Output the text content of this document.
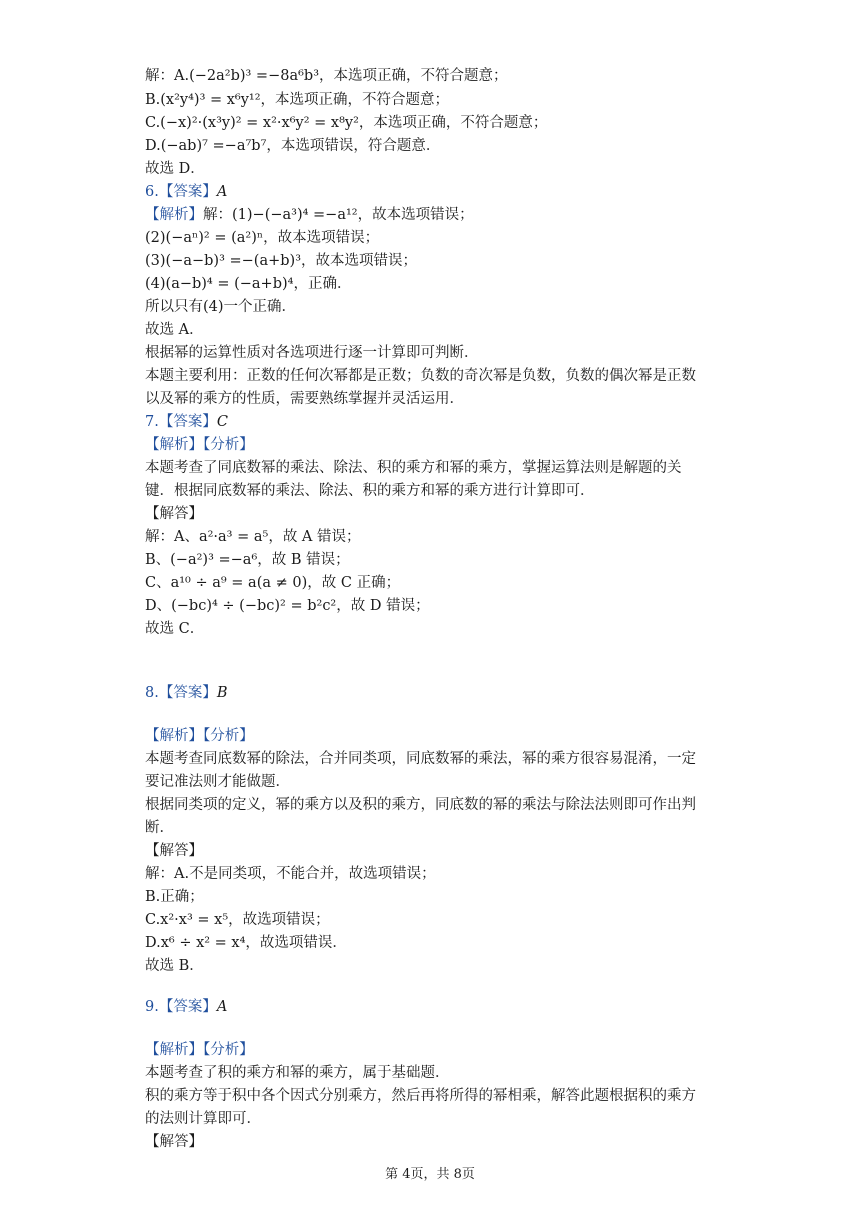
解：A.(−2a²b)³ =−8a⁶b³，本选项正确，不符合题意；
B.(x²y⁴)³ = x⁶y¹²，本选项正确，不符合题意；
C.(−x)²·(x³y)² = x²·x⁶y² = x⁸y²，本选项正确，不符合题意；
D.(−ab)⁷ =−a⁷b⁷，本选项错误，符合题意．
故选 D．
6.【答案】A
【解析】解：(1)−(−a³)⁴ =−a¹²，故本选项错误；
(2)(−aⁿ)² = (a²)ⁿ，故本选项错误；
(3)(−a−b)³ =−(a+b)³，故本选项错误；
(4)(a−b)⁴ = (−a+b)⁴，正确．
所以只有(4)一个正确．
故选 A．
根据幂的运算性质对各选项进行逐一计算即可判断．
本题主要利用：正数的任何次幂都是正数；负数的奇次幂是负数，负数的偶次幂是正数
以及幂的乘方的性质，需要熟练掌握并灵活运用．
7.【答案】C
【解析】【分析】
本题考查了同底数幂的乘法、除法、积的乘方和幂的乘方，掌握运算法则是解题的关
键．根据同底数幂的乘法、除法、积的乘方和幂的乘方进行计算即可．
【解答】
解：A、a²·a³ = a⁵，故 A 错误；
B、(−a²)³ =−a⁶，故 B 错误；
C、a¹⁰ ÷ a⁹ = a(a ≠ 0)，故 C 正确；
D、(−bc)⁴ ÷ (−bc)² = b²c²，故 D 错误；
故选 C．
8.【答案】B
【解析】【分析】
本题考查同底数幂的除法，合并同类项，同底数幂的乘法，幂的乘方很容易混淆，一定
要记准法则才能做题．
根据同类项的定义，幂的乘方以及积的乘方，同底数的幂的乘法与除法法则即可作出判
断．
【解答】
解：A.不是同类项，不能合并，故选项错误；
B.正确；
C.x²·x³ = x⁵，故选项错误；
D.x⁶ ÷ x² = x⁴，故选项错误．
故选 B．
9.【答案】A
【解析】【分析】
本题考查了积的乘方和幂的乘方，属于基础题．
积的乘方等于积中各个因式分别乘方，然后再将所得的幂相乘，解答此题根据积的乘方
的法则计算即可．
【解答】
第 4页，共 8页
